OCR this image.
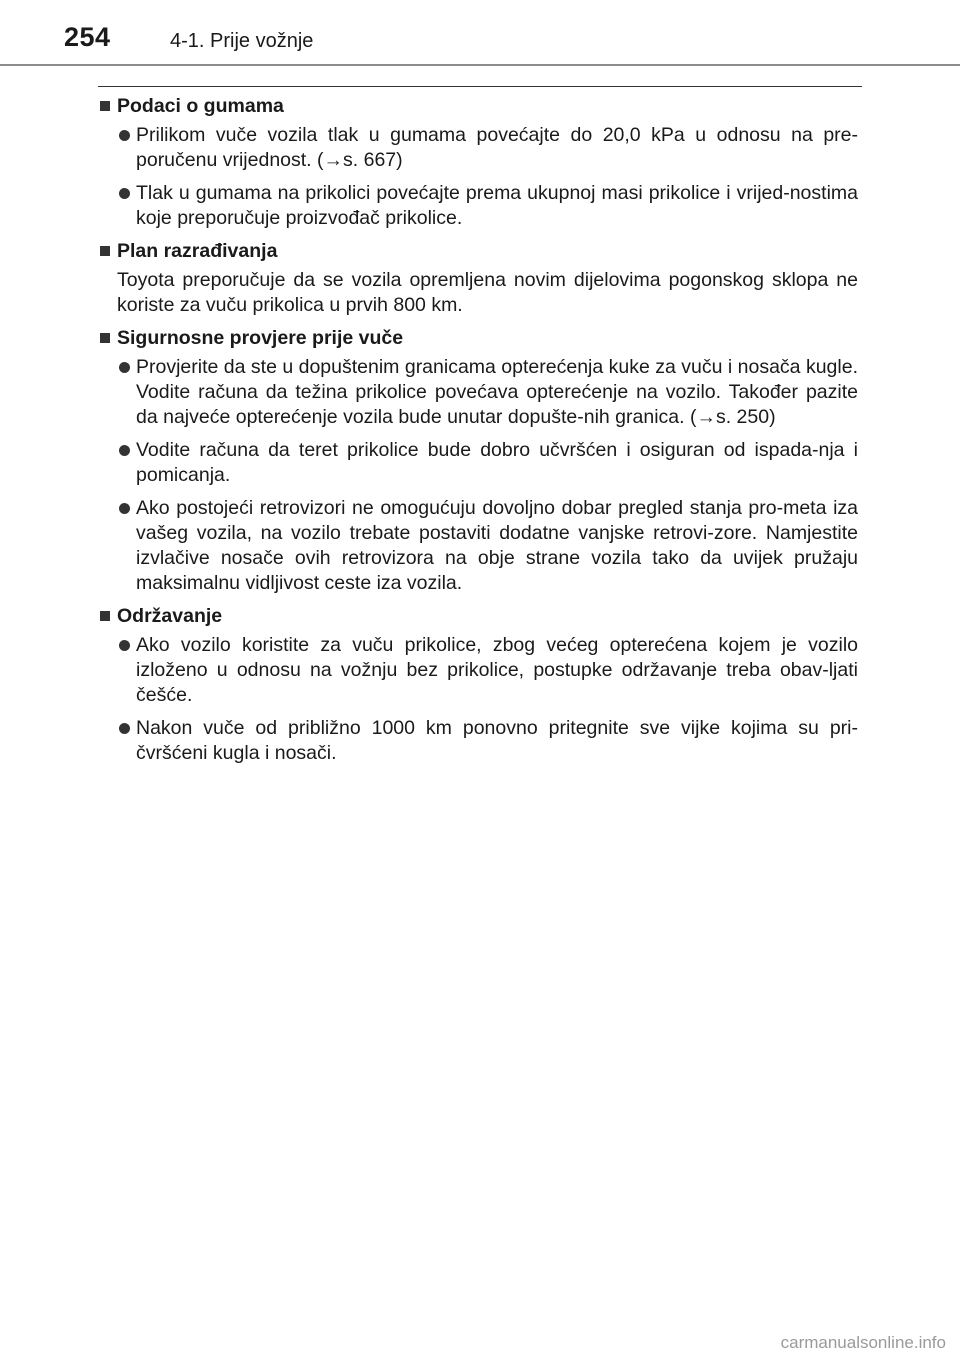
254	4-1. Prije vožnje
Podaci o gumama
Prilikom vuče vozila tlak u gumama povećajte do 20,0 kPa u odnosu na pre-poručenu vrijednost. (→s. 667)
Tlak u gumama na prikolici povećajte prema ukupnoj masi prikolice i vrijed-nostima koje preporučuje proizvođač prikolice.
Plan razrađivanja
Toyota preporučuje da se vozila opremljena novim dijelovima pogonskog sklopa ne koriste za vuču prikolica u prvih 800 km.
Sigurnosne provjere prije vuče
Provjerite da ste u dopuštenim granicama opterećenja kuke za vuču i nosača kugle. Vodite računa da težina prikolice povećava opterećenje na vozilo. Također pazite da najveće opterećenje vozila bude unutar dopušte-nih granica. (→s. 250)
Vodite računa da teret prikolice bude dobro učvršćen i osiguran od ispada-nja i pomicanja.
Ako postojeći retrovizori ne omogućuju dovoljno dobar pregled stanja pro-meta iza vašeg vozila, na vozilo trebate postaviti dodatne vanjske retrovi-zore. Namjestite izvlačive nosače ovih retrovizora na obje strane vozila tako da uvijek pružaju maksimalnu vidljivost ceste iza vozila.
Održavanje
Ako vozilo koristite za vuču prikolice, zbog većeg opterećena kojem je vozilo izloženo u odnosu na vožnju bez prikolice, postupke održavanje treba obav-ljati češće.
Nakon vuče od približno 1000 km ponovno pritegnite sve vijke kojima su pri-čvršćeni kugla i nosači.
carmanualsonline.info
